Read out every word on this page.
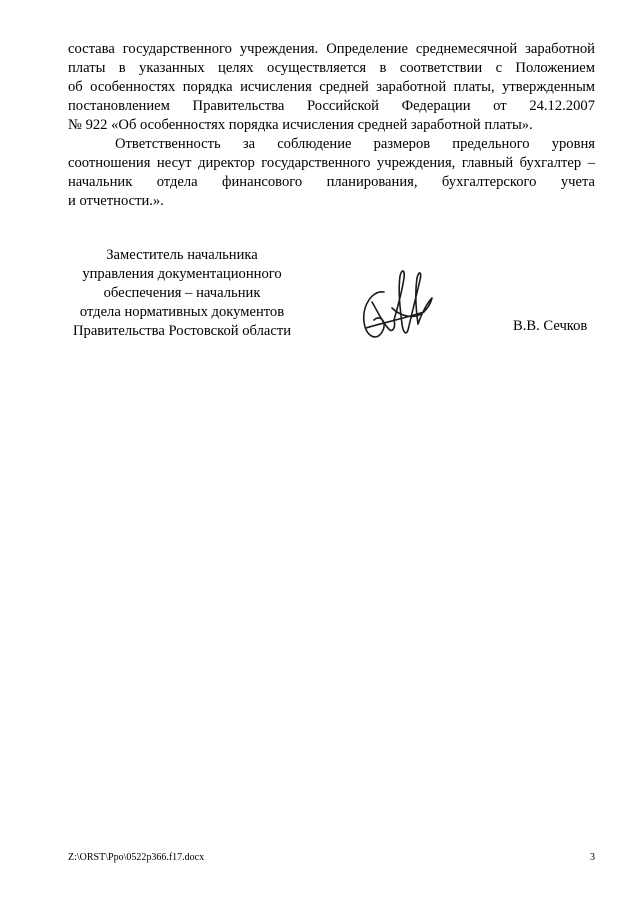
состава государственного учреждения. Определение среднемесячной заработной
платы в указанных целях осуществляется в соответствии с Положением
об особенностях порядка исчисления средней заработной платы, утвержденным
постановлением Правительства Российской Федерации от 24.12.2007
№ 922 «Об особенностях порядка исчисления средней заработной платы».

Ответственность за соблюдение размеров предельного уровня
соотношения несут директор государственного учреждения, главный бухгалтер –
начальник отдела финансового планирования, бухгалтерского учета
и отчетности.».

Заместитель начальника
управления документационного
обеспечения – начальник
отдела нормативных документов
Правительства Ростовской области	В.В. Сечков
Z:\ORST\Ppo\0522p366.f17.docx	3
